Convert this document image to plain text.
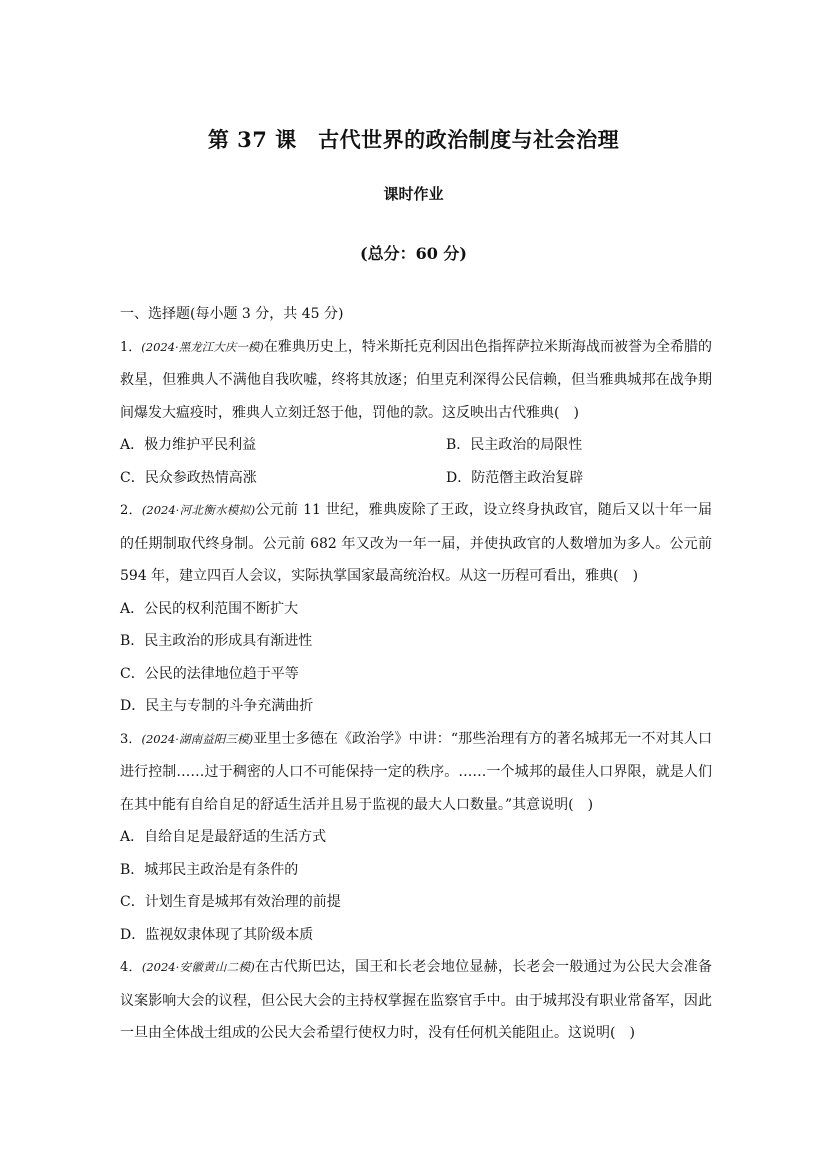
第 37 课　古代世界的政治制度与社会治理
课时作业
(总分：60 分)
一、选择题(每小题 3 分，共 45 分)
1．(2024·黑龙江大庆一模)在雅典历史上，特米斯托克利因出色指挥萨拉米斯海战而被誉为全希腊的救星，但雅典人不满他自我吹嘘，终将其放逐；伯里克利深得公民信赖，但当雅典城邦在战争期间爆发大瘟疫时，雅典人立刻迁怒于他，罚他的款。这反映出古代雅典(　)
A．极力维护平民利益	B．民主政治的局限性
C．民众参政热情高涨	D．防范僭主政治复辟
2．(2024·河北衡水模拟)公元前 11 世纪，雅典废除了王政，设立终身执政官，随后又以十年一届的任期制取代终身制。公元前 682 年又改为一年一届，并使执政官的人数增加为多人。公元前 594 年，建立四百人会议，实际执掌国家最高统治权。从这一历程可看出，雅典(　)
A．公民的权利范围不断扩大
B．民主政治的形成具有渐进性
C．公民的法律地位趋于平等
D．民主与专制的斗争充满曲折
3．(2024·湖南益阳三模)亚里士多德在《政治学》中讲：“那些治理有方的著名城邦无一不对其人口进行控制……过于稠密的人口不可能保持一定的秩序。……一个城邦的最佳人口界限，就是人们在其中能有自给自足的舒适生活并且易于监视的最大人口数量。”其意说明(　)
A．自给自足是最舒适的生活方式
B．城邦民主政治是有条件的
C．计划生育是城邦有效治理的前提
D．监视奴隶体现了其阶级本质
4．(2024·安徽黄山二模)在古代斯巴达，国王和长老会地位显赫，长老会一般通过为公民大会准备议案影响大会的议程，但公民大会的主持权掌握在监察官手中。由于城邦没有职业常备军，因此一旦由全体战士组成的公民大会希望行使权力时，没有任何机关能阻止。这说明(　)
